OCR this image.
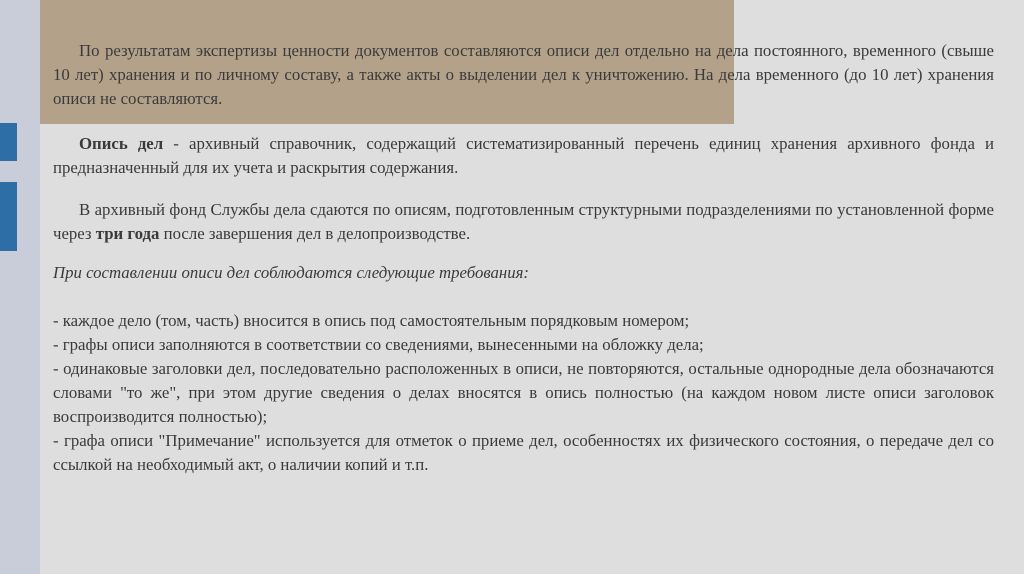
По результатам экспертизы ценности документов составляются описи дел отдельно на дела постоянного, временного (свыше 10 лет) хранения и по личному составу, а также акты о выделении дел к уничтожению. На дела временного (до 10 лет) хранения описи не составляются.

Опись дел - архивный справочник, содержащий систематизированный перечень единиц хранения архивного фонда и предназначенный для их учета и раскрытия содержания.

В архивный фонд Службы дела сдаются по описям, подготовленным структурными подразделениями по установленной форме через три года после завершения дел в делопроизводстве.

При составлении описи дел соблюдаются следующие требования:

- каждое дело (том, часть) вносится в опись под самостоятельным порядковым номером;

- графы описи заполняются в соответствии со сведениями, вынесенными на обложку дела;

- одинаковые заголовки дел, последовательно расположенных в описи, не повторяются, остальные однородные дела обозначаются словами "то же", при этом другие сведения о делах вносятся в опись полностью (на каждом новом листе описи заголовок воспроизводится полностью);

- графа описи "Примечание" используется для отметок о приеме дел, особенностях их физического состояния, о передаче дел со ссылкой на необходимый акт, о наличии копий и т.п.
